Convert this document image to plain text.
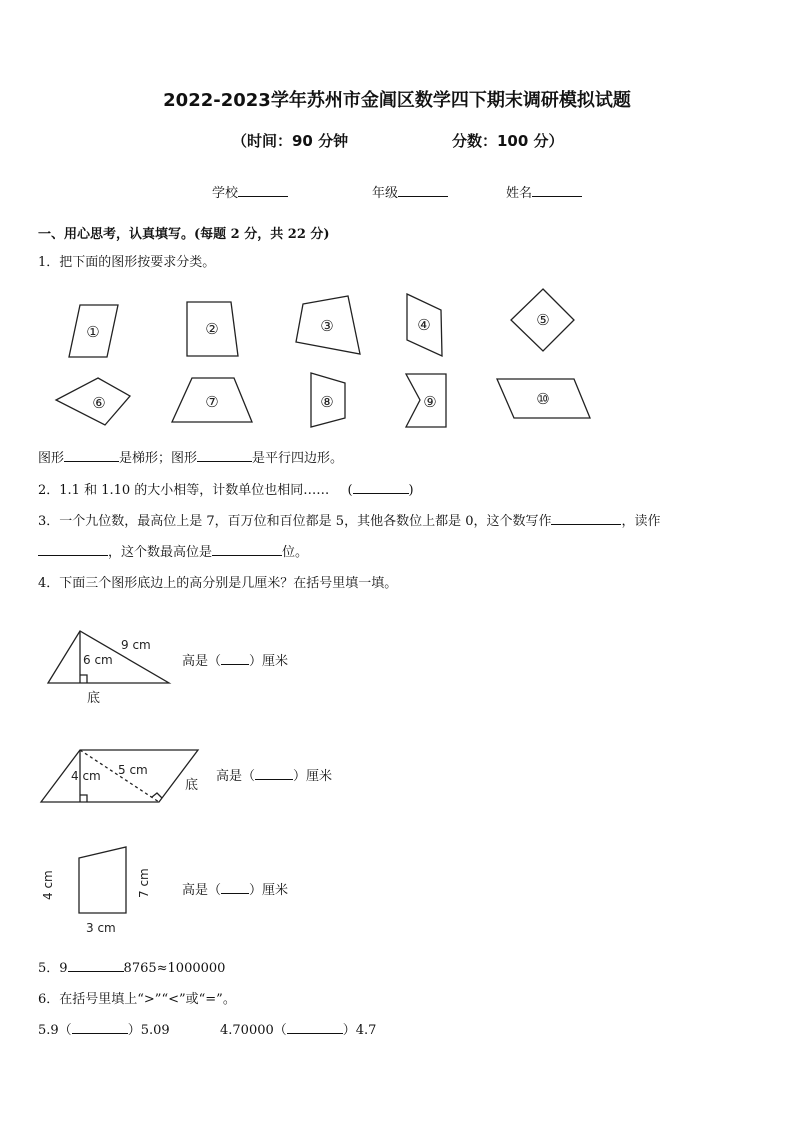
2022-2023学年苏州市金阊区数学四下期末调研模拟试题
（时间：90 分钟	分数：100 分）
学校	年级	姓名
一、用心思考，认真填写。(每题 2 分，共 22 分)
1．把下面的图形按要求分类。
①	②	③	④	⑤
⑥	⑦	⑧	⑨	⑩
图形	是梯形；图形	是平行四边形。
2．1.1 和 1.10 的大小相等，计数单位也相同…… (	)
3．一个九位数，最高位上是 7，百万位和百位都是 5，其他各数位上都是 0，这个数写作	，读作
，这个数最高位是	位。
4．下面三个图形底边上的高分别是几厘米？在括号里填一填。
9 cm
6 cm
底
5 cm
4 cm
底
3 cm
4 cm	7 cm
高是（ ）厘米
高是（	）厘米
高是（ ）厘米
5．9	8765≈1000000
6．在括号里填上“>”“<”或“=”。
5.9（	）5.09	4.70000（	）4.7
